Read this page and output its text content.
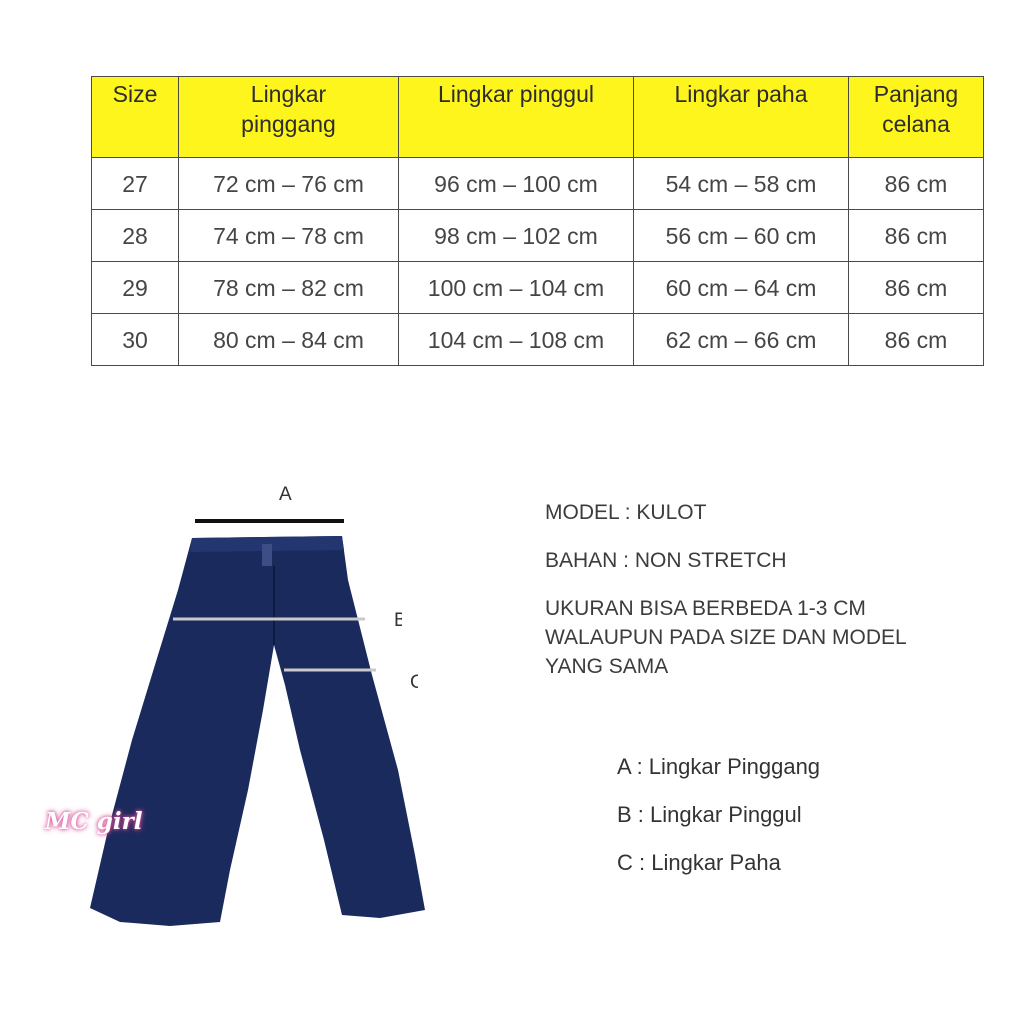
Size	Lingkar pinggang	Lingkar pinggul	Lingkar paha	Panjang celana

27	72 cm – 76 cm	96 cm – 100 cm	54 cm – 58 cm	86 cm
28	74 cm – 78 cm	98 cm – 102 cm	56 cm – 60 cm	86 cm
29	78 cm – 82 cm	100 cm – 104 cm	60 cm – 64 cm	86 cm
30	80 cm – 84 cm	104 cm – 108 cm	62 cm – 66 cm	86 cm
A
B
C
MC girl

MODEL : KULOT

BAHAN : NON STRETCH

UKURAN BISA BERBEDA 1-3 CM
WALAUPUN PADA SIZE DAN MODEL
YANG SAMA

A : Lingkar Pinggang

B : Lingkar Pinggul

C : Lingkar Paha
